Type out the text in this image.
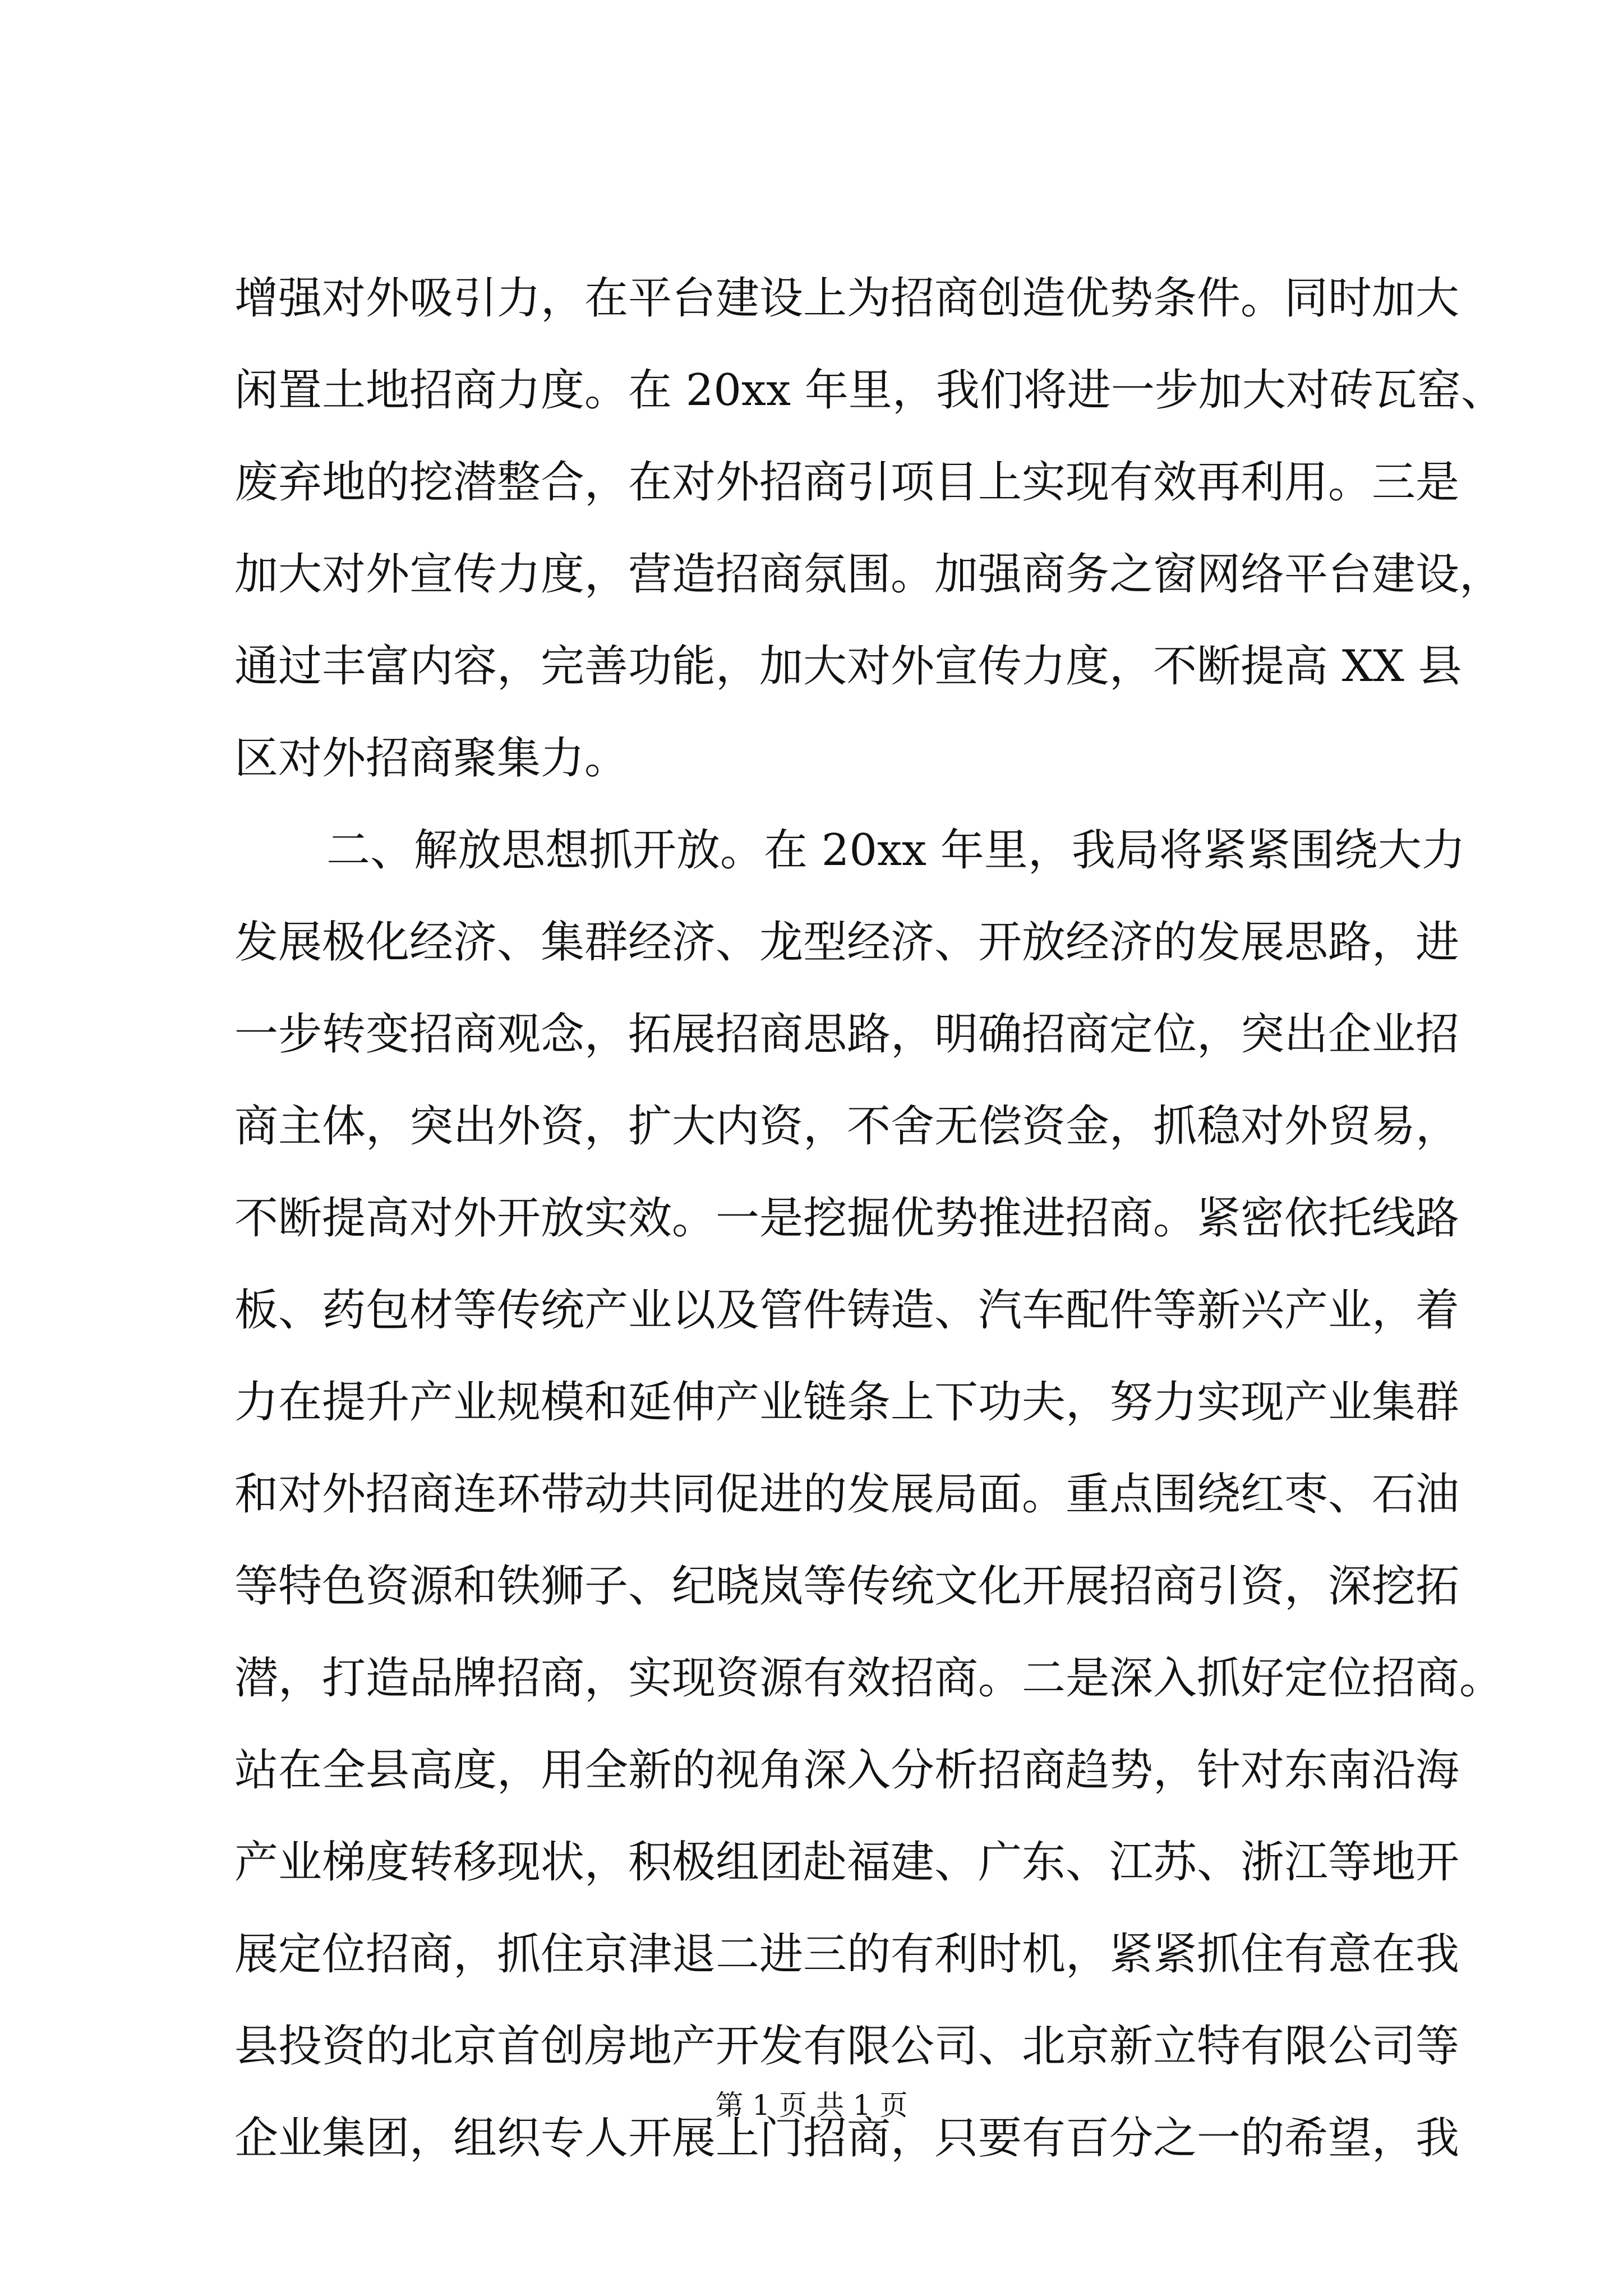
增强对外吸引力，在平台建设上为招商创造优势条件。同时加大
闲置土地招商力度。在 20xx 年里，我们将进一步加大对砖瓦窑、
废弃地的挖潜整合，在对外招商引项目上实现有效再利用。三是
加大对外宣传力度，营造招商氛围。加强商务之窗网络平台建设，
通过丰富内容，完善功能，加大对外宣传力度，不断提高 XX 县
区对外招商聚集力。
二、解放思想抓开放。在 20xx 年里，我局将紧紧围绕大力
发展极化经济、集群经济、龙型经济、开放经济的发展思路，进
一步转变招商观念，拓展招商思路，明确招商定位，突出企业招
商主体，突出外资，扩大内资，不舍无偿资金，抓稳对外贸易，
不断提高对外开放实效。一是挖掘优势推进招商。紧密依托线路
板、药包材等传统产业以及管件铸造、汽车配件等新兴产业，着
力在提升产业规模和延伸产业链条上下功夫，努力实现产业集群
和对外招商连环带动共同促进的发展局面。重点围绕红枣、石油
等特色资源和铁狮子、纪晓岚等传统文化开展招商引资，深挖拓
潜，打造品牌招商，实现资源有效招商。二是深入抓好定位招商。
站在全县高度，用全新的视角深入分析招商趋势，针对东南沿海
产业梯度转移现状，积极组团赴福建、广东、江苏、浙江等地开
展定位招商，抓住京津退二进三的有利时机，紧紧抓住有意在我
县投资的北京首创房地产开发有限公司、北京新立特有限公司等
企业集团，组织专人开展上门招商，只要有百分之一的希望，我
第 1 页 共 1 页
